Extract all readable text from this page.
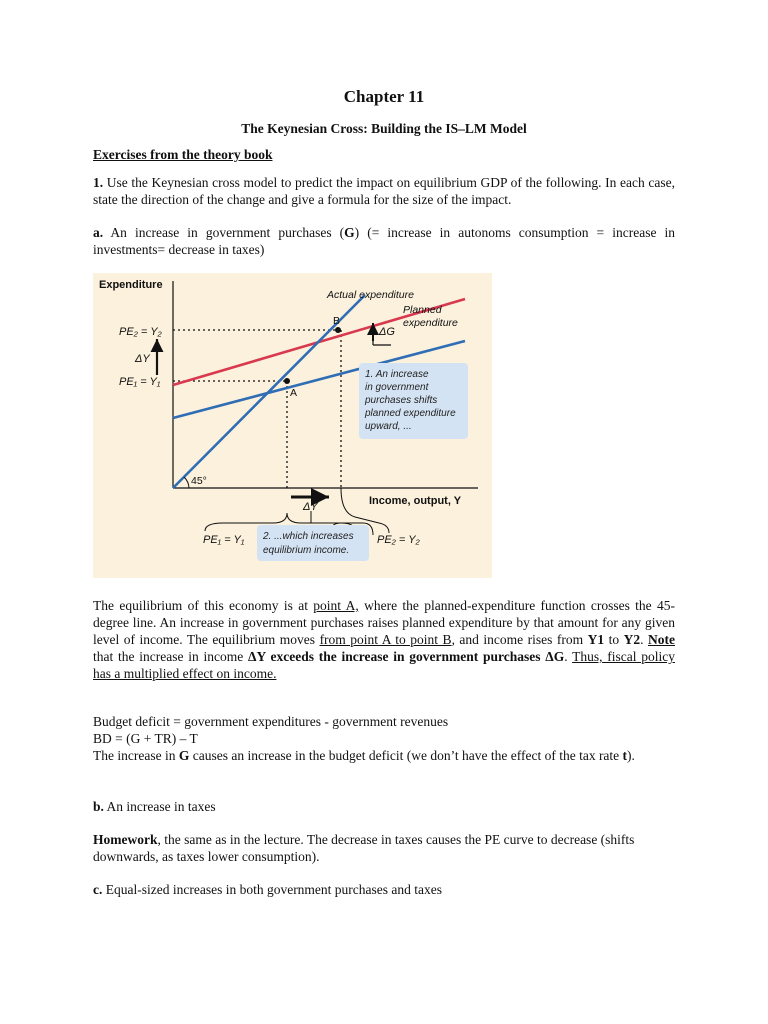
Chapter 11
The Keynesian Cross: Building the IS–LM Model
Exercises from the theory book
1. Use the Keynesian cross model to predict the impact on equilibrium GDP of the following. In each case, state the direction of the change and give a formula for the size of the impact.
a. An increase in government purchases (G) (= increase in autonoms consumption = increase in investments= decrease in taxes)
Expenditure
Income, output, Y
Actual expenditure
Planned
expenditure
PE₂ = Y₂
PE₁ = Y₁
ΔY
ΔG
A
B
45°
1. An increase
in government
purchases shifts
planned expenditure
upward, ...
2. ...which increases
equilibrium income.
PE₁ = Y₁	PE₂ = Y₂
ΔY
The equilibrium of this economy is at point A, where the planned-expenditure function crosses the 45-degree line. An increase in government purchases raises planned expenditure by that amount for any given level of income. The equilibrium moves from point A to point B, and income rises from Y1 to Y2. Note that the increase in income ΔY exceeds the increase in government purchases ΔG. Thus, fiscal policy has a multiplied effect on income.
Budget deficit = government expenditures - government revenues
BD = (G + TR) – T
The increase in G causes an increase in the budget deficit (we don’t have the effect of the tax rate t).
b. An increase in taxes
Homework, the same as in the lecture. The decrease in taxes causes the PE curve to decrease (shifts downwards, as taxes lower consumption).
c. Equal-sized increases in both government purchases and taxes
